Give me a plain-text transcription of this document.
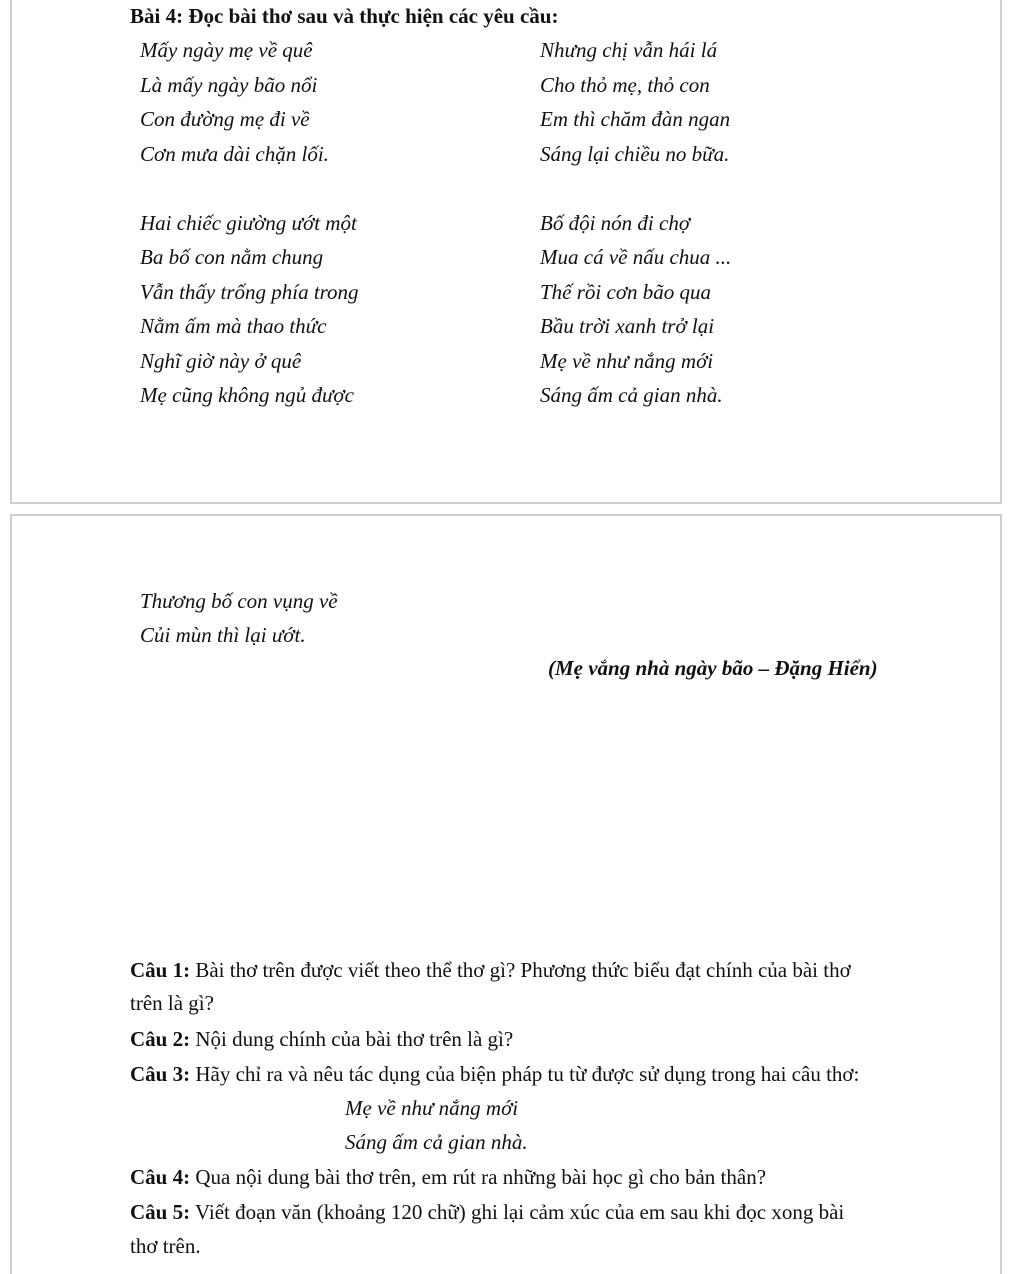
Bài 4: Đọc bài thơ sau và thực hiện các yêu cầu:
Mấy ngày mẹ về quê
Là mấy ngày bão nổi
Con đường mẹ đi về
Cơn mưa dài chặn lối.
Hai chiếc giường ướt một
Ba bố con nằm chung
Vẫn thấy trống phía trong
Nằm ấm mà thao thức
Nghĩ giờ này ở quê
Mẹ cũng không ngủ được
Nhưng chị vẫn hái lá
Cho thỏ mẹ, thỏ con
Em thì chăm đàn ngan
Sáng lại chiều no bữa.
Bố đội nón đi chợ
Mua cá về nấu chua ...
Thế rồi cơn bão qua
Bầu trời xanh trở lại
Mẹ về như nắng mới
Sáng ấm cả gian nhà.
Thương bố con vụng về
Củi mùn thì lại ướt.
(Mẹ vắng nhà ngày bão – Đặng Hiển)
Câu 1: Bài thơ trên được viết theo thể thơ gì? Phương thức biểu đạt chính của bài thơ
trên là gì?
Câu 2: Nội dung chính của bài thơ trên là gì?
Câu 3: Hãy chỉ ra và nêu tác dụng của biện pháp tu từ được sử dụng trong hai câu thơ:
Mẹ về như nắng mới
Sáng ấm cả gian nhà.
Câu 4: Qua nội dung bài thơ trên, em rút ra những bài học gì cho bản thân?
Câu 5: Viết đoạn văn (khoảng 120 chữ) ghi lại cảm xúc của em sau khi đọc xong bài
thơ trên.
